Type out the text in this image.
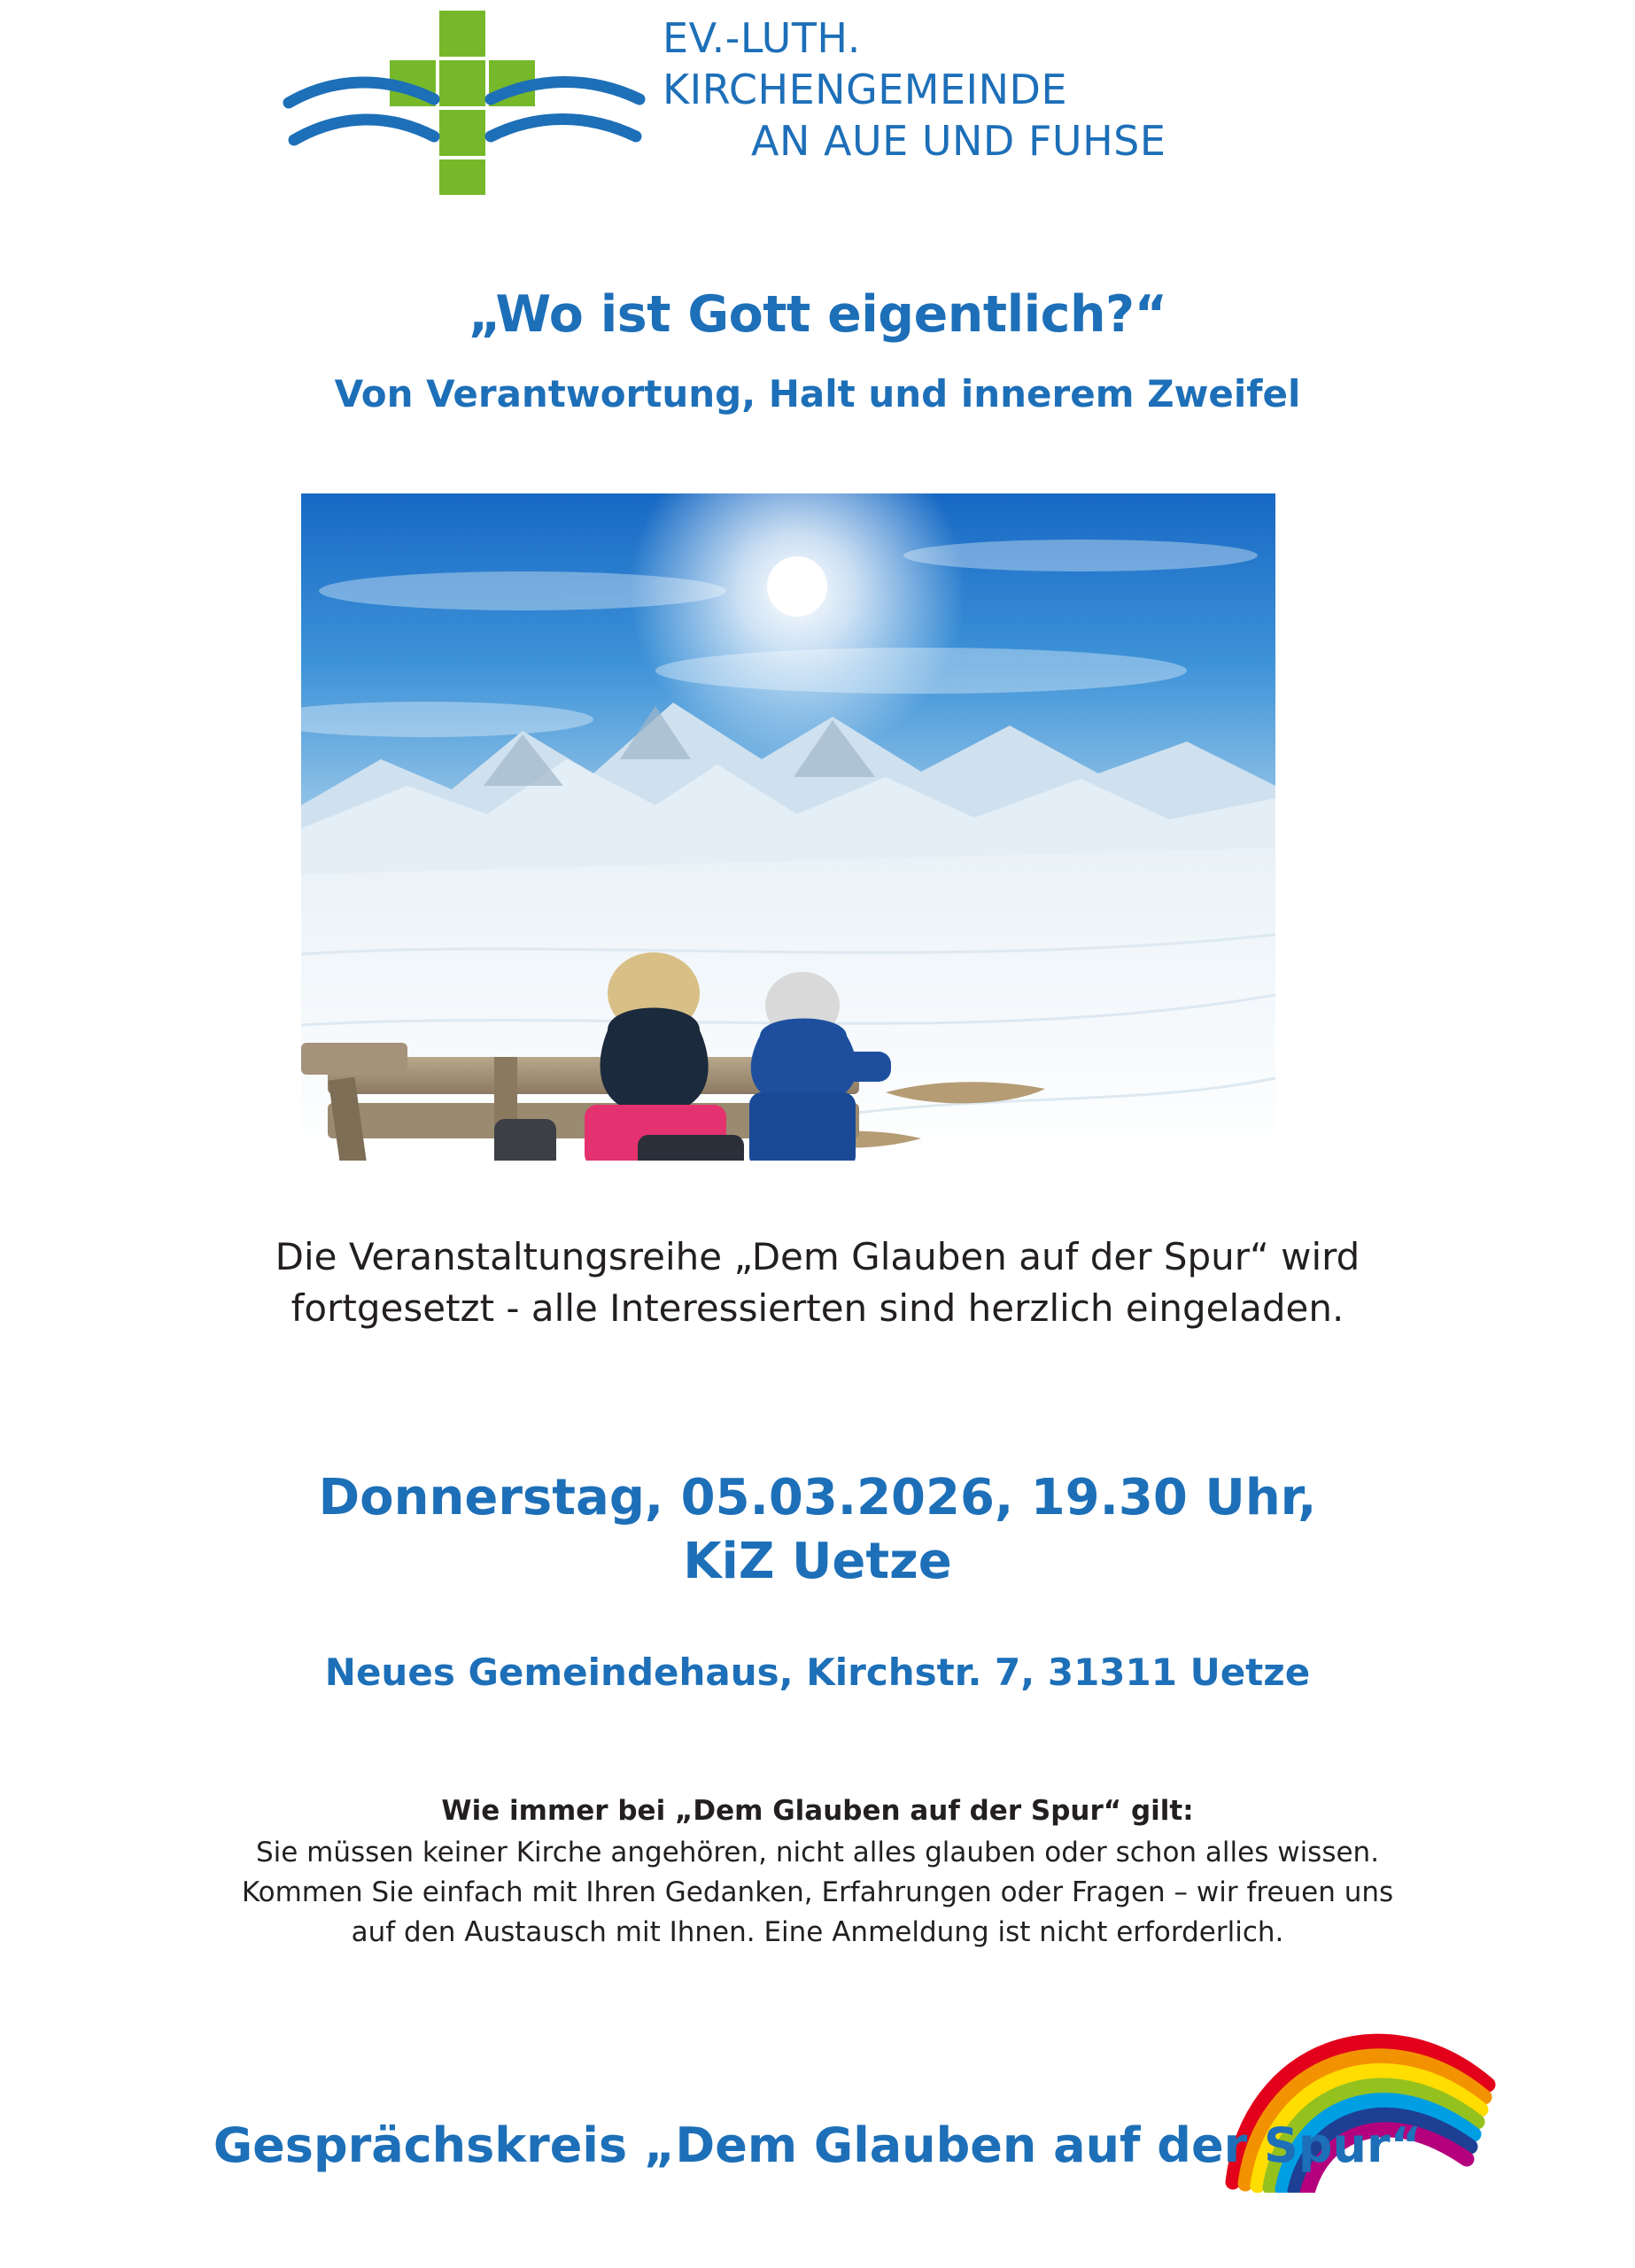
EV.-LUTH.
KIRCHENGEMEINDE
AN AUE UND FUHSE
„Wo ist Gott eigentlich?“
Von Verantwortung, Halt und innerem Zweifel
Die Veranstaltungsreihe „Dem Glauben auf der Spur“ wird
fortgesetzt - alle Interessierten sind herzlich eingeladen.
Donnerstag, 05.03.2026, 19.30 Uhr,
KiZ Uetze
Neues Gemeindehaus, Kirchstr. 7, 31311 Uetze
Wie immer bei „Dem Glauben auf der Spur“ gilt:
Sie müssen keiner Kirche angehören, nicht alles glauben oder schon alles wissen.
Kommen Sie einfach mit Ihren Gedanken, Erfahrungen oder Fragen – wir freuen uns
auf den Austausch mit Ihnen. Eine Anmeldung ist nicht erforderlich.
Gesprächskreis „Dem Glauben auf der Spur“
